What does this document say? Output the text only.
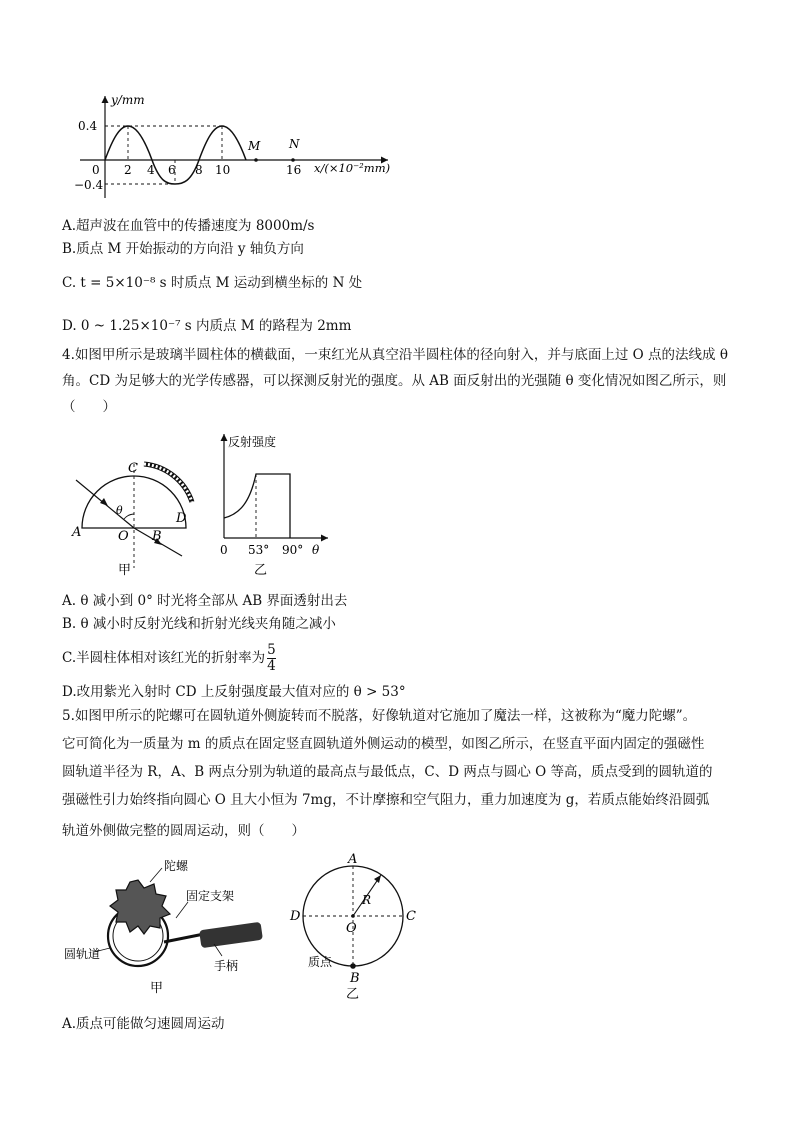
y/mm
0.4
−0.4
0 2 4 6 8 10	16
M N
x/(×10⁻²mm)
A.超声波在血管中的传播速度为 8000m/s
B.质点 M 开始振动的方向沿 y 轴负方向
C. t = 5×10⁻⁸ s 时质点 M 运动到横坐标的 N 处
D. 0 ~ 1.25×10⁻⁷ s 内质点 M 的路程为 2mm
4.如图甲所示是玻璃半圆柱体的横截面，一束红光从真空沿半圆柱体的径向射入，并与底面上过 O 点的法线成 θ 角。CD 为足够大的光学传感器，可以探测反射光的强度。从 AB 面反射出的光强随 θ 变化情况如图乙所示，则（　　）
C
D
θ
A	O B
甲
反射强度
0 53° 90° θ
乙
A. θ 减小到 0° 时光将全部从 AB 界面透射出去
B. θ 减小时反射光线和折射光线夹角随之减小
C.半圆柱体相对该红光的折射率为 $\frac{5}{4}$
D.改用紫光入射时 CD 上反射强度最大值对应的 θ > 53°
5.如图甲所示的陀螺可在圆轨道外侧旋转而不脱落，好像轨道对它施加了魔法一样，这被称为“魔力陀螺”。
它可简化为一质量为 m 的质点在固定竖直圆轨道外侧运动的模型，如图乙所示，在竖直平面内固定的强磁性
圆轨道半径为 R，A、B 两点分别为轨道的最高点与最低点，C、D 两点与圆心 O 等高，质点受到的圆轨道的
强磁性引力始终指向圆心 O 且大小恒为 7mg，不计摩擦和空气阻力，重力加速度为 g，若质点能始终沿圆弧
轨道外侧做完整的圆周运动，则（　　）
陀螺
固定支架
圆轨道
手柄
甲
A
R
O
D	C
质点
B
乙
A.质点可能做匀速圆周运动
